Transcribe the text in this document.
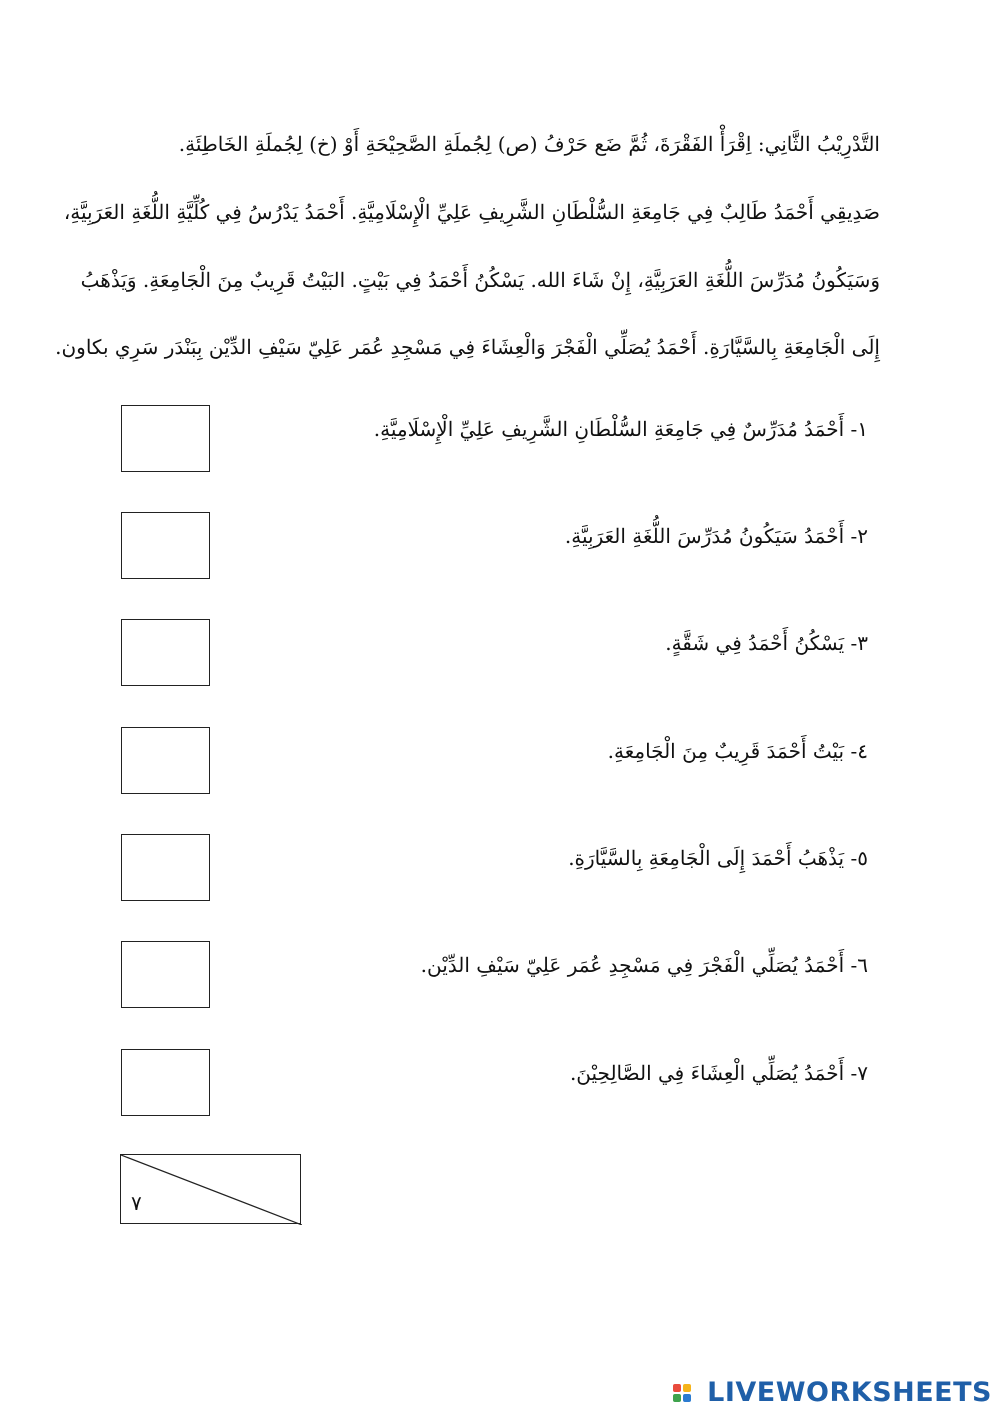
التَّدْرِيْبُ الثَّانِي: اِقْرَأْ الفَقْرَةَ، ثُمَّ ضَع حَرْفُ (ص) لِجُملَةِ الصَّحِيْحَةِ أَوْ (خ) لِجُملَةِ الخَاطِئَةِ.
صَدِيقِي أَحْمَدُ طَالِبٌ فِي جَامِعَةِ السُّلْطَانِ الشَّرِيفِ عَلِيِّ الْإِسْلَامِيَّةِ. أَحْمَدُ يَدْرُسُ فِي كُلِّيَّةِ اللُّغَةِ العَرَبِيَّةِ،
وَسَيَكُونُ مُدَرِّسَ اللُّغَةِ العَرَبِيَّةِ، إِنْ شَاءَ الله. يَسْكُنُ أَحْمَدُ فِي بَيْتٍ. البَيْتُ قَرِيبٌ مِنَ الْجَامِعَةِ. وَيَذْهَبُ
إِلَى الْجَامِعَةِ بِالسَّيَّارَةِ. أَحْمَدُ يُصَلِّي الْفَجْرَ وَالْعِشَاءَ فِي مَسْجِدِ عُمَر عَلِيّ سَيْفِ الدِّيْن بِبَنْدَر سَرِي بكاون.
١- أَحْمَدُ مُدَرِّسٌ فِي جَامِعَةِ السُّلْطَانِ الشَّرِيفِ عَلِيِّ الْإِسْلَامِيَّةِ.
٢- أَحْمَدُ سَيَكُونُ مُدَرِّسَ اللُّغَةِ العَرَبِيَّةِ.
٣- يَسْكُنُ أَحْمَدُ فِي شَقَّةٍ.
٤- بَيْتُ أَحْمَدَ قَرِيبٌ مِنَ الْجَامِعَةِ.
٥- يَذْهَبُ أَحْمَدَ إِلَى الْجَامِعَةِ بِالسَّيَّارَةِ.
٦- أَحْمَدُ يُصَلِّي الْفَجْرَ فِي مَسْجِدِ عُمَر عَلِيّ سَيْفِ الدِّيْن.
٧- أَحْمَدُ يُصَلِّي الْعِشَاءَ فِي الصَّالِحِيْنَ.
٧
LIVEWORKSHEETS
